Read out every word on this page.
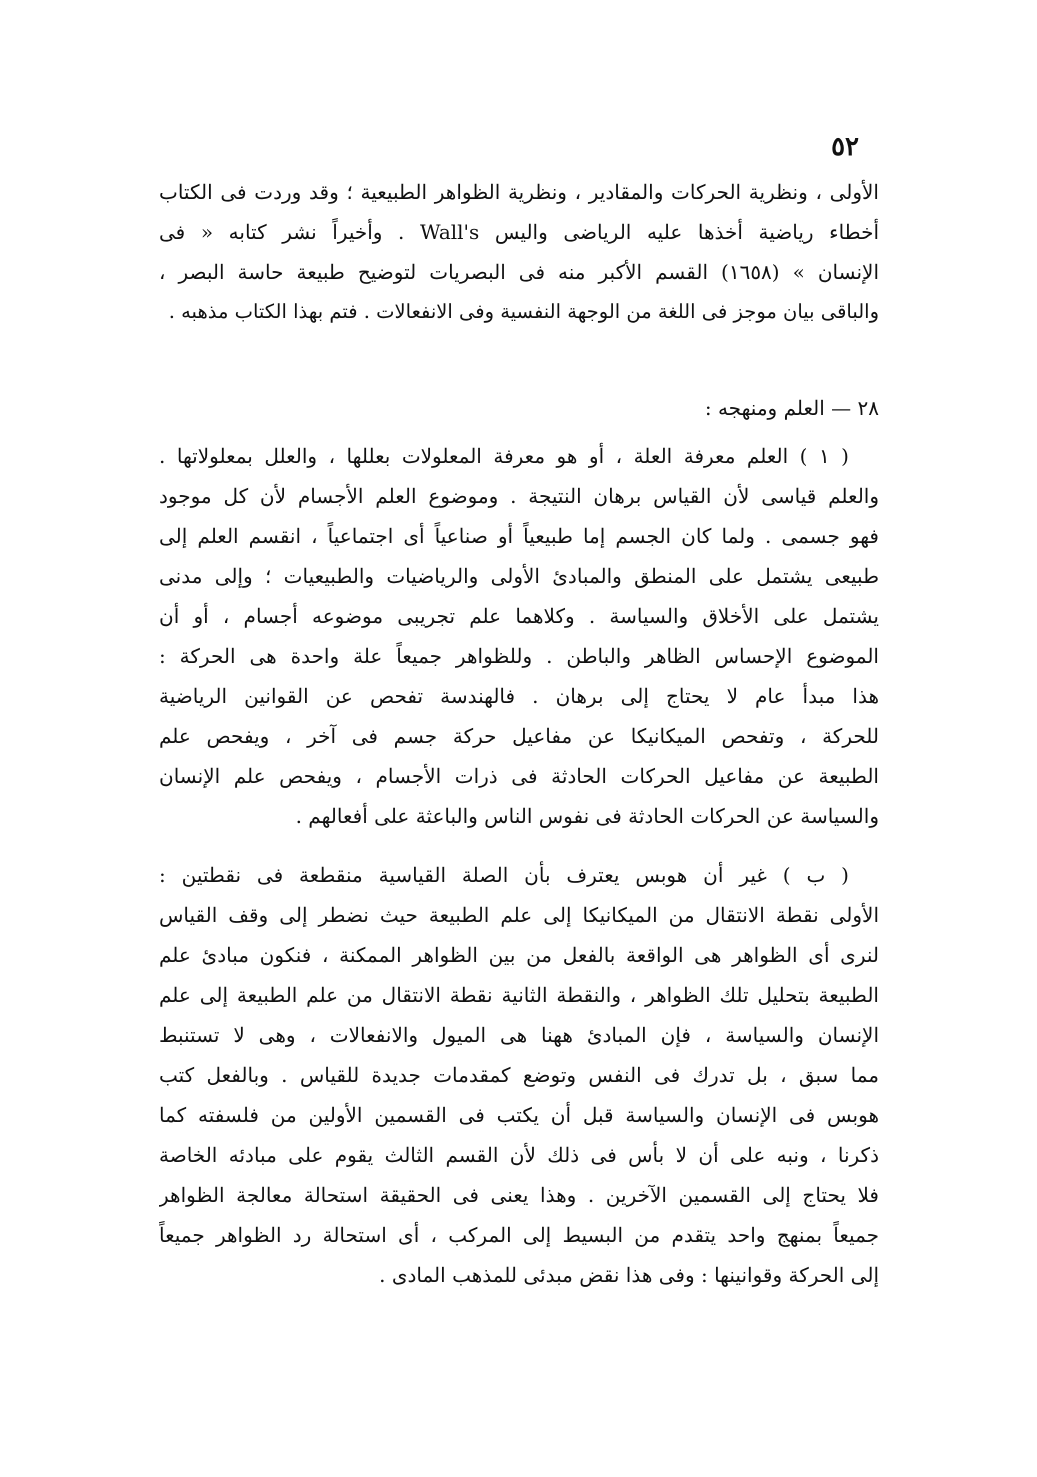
٥٢
الأولى ، ونظرية الحركات والمقادير ، ونظرية الظواهر الطبيعية ؛ وقد وردت فى الكتاب
أخطاء رياضية أخذها عليه الرياضى واليس Wall's . وأخيراً نشر كتابه « فى
الإنسان » (١٦٥٨) القسم الأكبر منه فى البصريات لتوضيح طبيعة حاسة البصر ،
والباقى بيان موجز فى اللغة من الوجهة النفسية وفى الانفعالات . فتم بهذا الكتاب مذهبه .
٢٨ — العلم ومنهجه :
( ١ ) العلم معرفة العلة ، أو هو معرفة المعلولات بعللها ، والعلل بمعلولاتها .
والعلم قياسى لأن القياس برهان النتيجة . وموضوع العلم الأجسام لأن كل موجود
فهو جسمى . ولما كان الجسم إما طبيعياً أو صناعياً أى اجتماعياً ، انقسم العلم إلى
طبيعى يشتمل على المنطق والمبادئ الأولى والرياضيات والطبيعيات ؛ وإلى مدنى
يشتمل على الأخلاق والسياسة . وكلاهما علم تجريبى موضوعه أجسام ، أو أن
الموضوع الإحساس الظاهر والباطن . وللظواهر جميعاً علة واحدة هى الحركة :
هذا مبدأ عام لا يحتاج إلى برهان . فالهندسة تفحص عن القوانين الرياضية
للحركة ، وتفحص الميكانيكا عن مفاعيل حركة جسم فى آخر ، ويفحص علم
الطبيعة عن مفاعيل الحركات الحادثة فى ذرات الأجسام ، ويفحص علم الإنسان
والسياسة عن الحركات الحادثة فى نفوس الناس والباعثة على أفعالهم .
( ب ) غير أن هوبس يعترف بأن الصلة القياسية منقطعة فى نقطتين :
الأولى نقطة الانتقال من الميكانيكا إلى علم الطبيعة حيث نضطر إلى وقف القياس
لنرى أى الظواهر هى الواقعة بالفعل من بين الظواهر الممكنة ، فنكون مبادئ علم
الطبيعة بتحليل تلك الظواهر ، والنقطة الثانية نقطة الانتقال من علم الطبيعة إلى علم
الإنسان والسياسة ، فإن المبادئ ههنا هى الميول والانفعالات ، وهى لا تستنبط
مما سبق ، بل تدرك فى النفس وتوضع كمقدمات جديدة للقياس . وبالفعل كتب
هوبس فى الإنسان والسياسة قبل أن يكتب فى القسمين الأولين من فلسفته كما
ذكرنا ، ونبه على أن لا بأس فى ذلك لأن القسم الثالث يقوم على مبادئه الخاصة
فلا يحتاج إلى القسمين الآخرين . وهذا يعنى فى الحقيقة استحالة معالجة الظواهر
جميعاً بمنهج واحد يتقدم من البسيط إلى المركب ، أى استحالة رد الظواهر جميعاً
إلى الحركة وقوانينها : وفى هذا نقض مبدئى للمذهب المادى .
